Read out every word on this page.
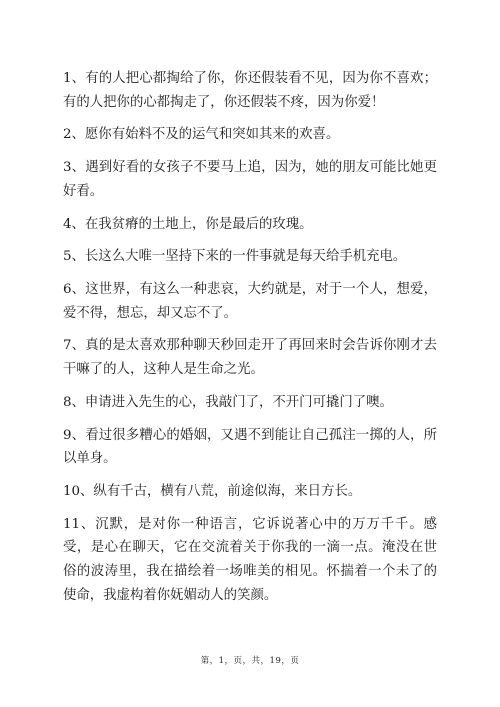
1、有的人把心都掏给了你，你还假装看不见，因为你不喜欢；有的人把你的心都掏走了，你还假装不疼，因为你爱！

2、愿你有始料不及的运气和突如其来的欢喜。

3、遇到好看的女孩子不要马上追，因为，她的朋友可能比她更好看。

4、在我贫瘠的土地上，你是最后的玫瑰。

5、长这么大唯一坚持下来的一件事就是每天给手机充电。

6、这世界，有这么一种悲哀，大约就是，对于一个人，想爱，爱不得，想忘，却又忘不了。

7、真的是太喜欢那种聊天秒回走开了再回来时会告诉你刚才去干嘛了的人，这种人是生命之光。

8、申请进入先生的心，我敲门了，不开门可撬门了噢。

9、看过很多糟心的婚姻，又遇不到能让自己孤注一掷的人，所以单身。

10、纵有千古，横有八荒，前途似海，来日方长。

11、沉默，是对你一种语言，它诉说著心中的万万千千。感受，是心在聊天，它在交流着关于你我的一滴一点。淹没在世俗的波涛里，我在描绘着一场唯美的相见。怀揣着一个未了的使命，我虚构着你妩媚动人的笑颜。

第，1，页，共，19，页
